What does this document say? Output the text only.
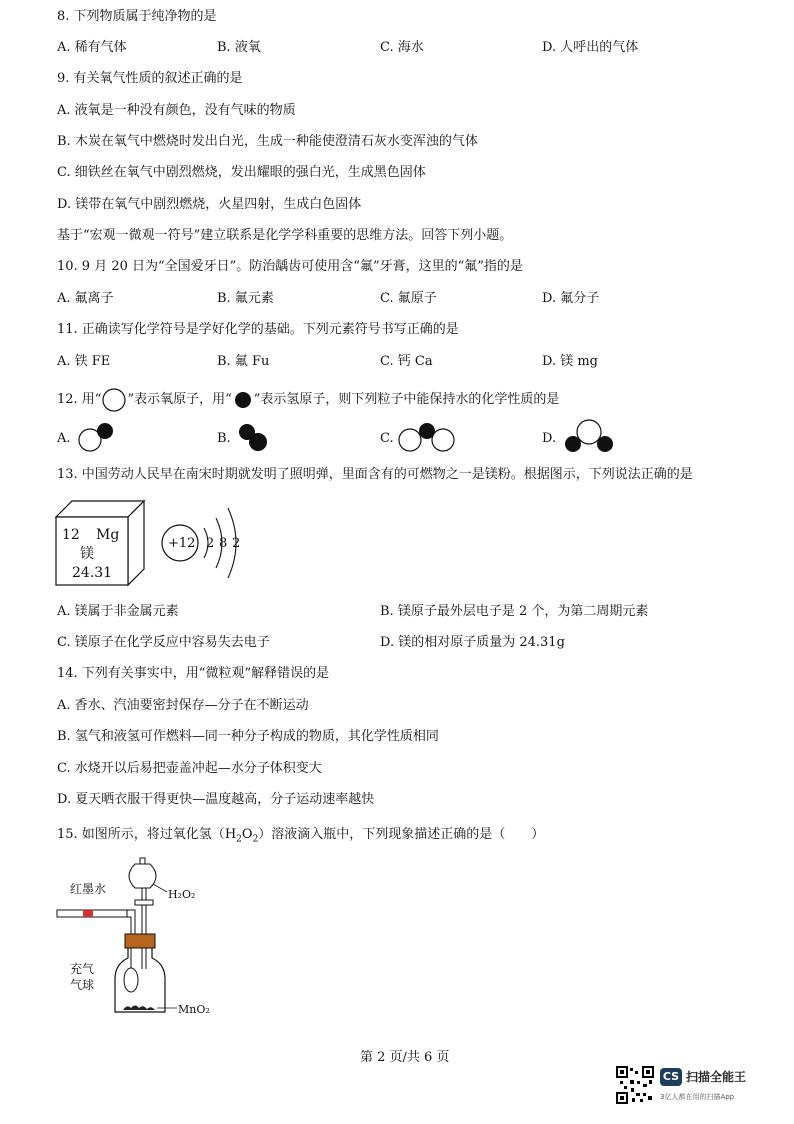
8. 下列物质属于纯净物的是
A. 稀有气体	B. 液氧	C. 海水	D. 人呼出的气体
9. 有关氧气性质的叙述正确的是
A. 液氧是一种没有颜色，没有气味的物质
B. 木炭在氧气中燃烧时发出白光，生成一种能使澄清石灰水变浑浊的气体
C. 细铁丝在氧气中剧烈燃烧，发出耀眼的强白光，生成黑色固体
D. 镁带在氧气中剧烈燃烧，火星四射，生成白色固体
基于“宏观一微观一符号”建立联系是化学学科重要的思维方法。回答下列小题。
10. 9 月 20 日为“全国爱牙日”。防治龋齿可使用含“氟”牙膏，这里的“氟”指的是
A. 氟离子	B. 氟元素	C. 氟原子	D. 氟分子
11. 正确读写化学符号是学好化学的基础。下列元素符号书写正确的是
A. 铁 FE	B. 氟 Fu	C. 钙 Ca	D. 镁 mg
12. 用“ ”表示氧原子，用“ ”表示氢原子，则下列粒子中能保持水的化学性质的是
A.	B.	C.	D.
13. 中国劳动人民早在南宋时期就发明了照明弹，里面含有的可燃物之一是镁粉。根据图示，下列说法正确的是
12 Mg
镁
24.31
+12 2 8 2
A. 镁属于非金属元素	B. 镁原子最外层电子是 2 个，为第二周期元素
C. 镁原子在化学反应中容易失去电子	D. 镁的相对原子质量为 24.31g
14. 下列有关事实中，用“微粒观”解释错误的是
A. 香水、汽油要密封保存—分子在不断运动
B. 氢气和液氢可作燃料—同一种分子构成的物质，其化学性质相同
C. 水烧开以后易把壶盖冲起—水分子体积变大
D. 夏天晒衣服干得更快—温度越高，分子运动速率越快
15. 如图所示，将过氧化氢$(H_2O_2)$溶液滴入瓶中，下列现象描述正确的是（　　）
红墨水	H₂O₂
充气
气球
MnO₂
第 2 页/共 6 页
CS 扫描全能王
3亿人都在用的扫描App
